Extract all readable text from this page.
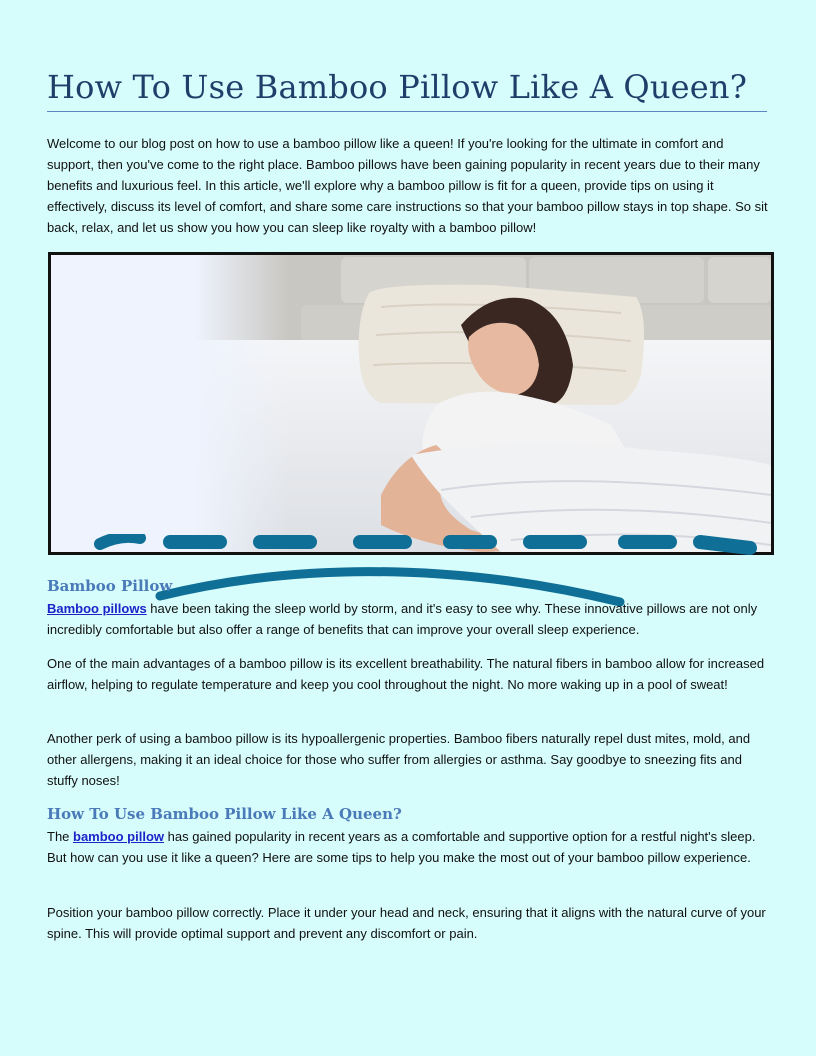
How To Use Bamboo Pillow Like A Queen?

Welcome to our blog post on how to use a bamboo pillow like a queen! If you're looking for the ultimate in comfort and support, then you've come to the right place. Bamboo pillows have been gaining popularity in recent years due to their many benefits and luxurious feel. In this article, we'll explore why a bamboo pillow is fit for a queen, provide tips on using it effectively, discuss its level of comfort, and share some care instructions so that your bamboo pillow stays in top shape. So sit back, relax, and let us show you how you can sleep like royalty with a bamboo pillow!

Bamboo Pillow

Bamboo pillows have been taking the sleep world by storm, and it's easy to see why. These innovative pillows are not only incredibly comfortable but also offer a range of benefits that can improve your overall sleep experience.

One of the main advantages of a bamboo pillow is its excellent breathability. The natural fibers in bamboo allow for increased airflow, helping to regulate temperature and keep you cool throughout the night. No more waking up in a pool of sweat!

Another perk of using a bamboo pillow is its hypoallergenic properties. Bamboo fibers naturally repel dust mites, mold, and other allergens, making it an ideal choice for those who suffer from allergies or asthma. Say goodbye to sneezing fits and stuffy noses!

How To Use Bamboo Pillow Like A Queen?

The bamboo pillow has gained popularity in recent years as a comfortable and supportive option for a restful night's sleep. But how can you use it like a queen? Here are some tips to help you make the most out of your bamboo pillow experience.

Position your bamboo pillow correctly. Place it under your head and neck, ensuring that it aligns with the natural curve of your spine. This will provide optimal support and prevent any discomfort or pain.
